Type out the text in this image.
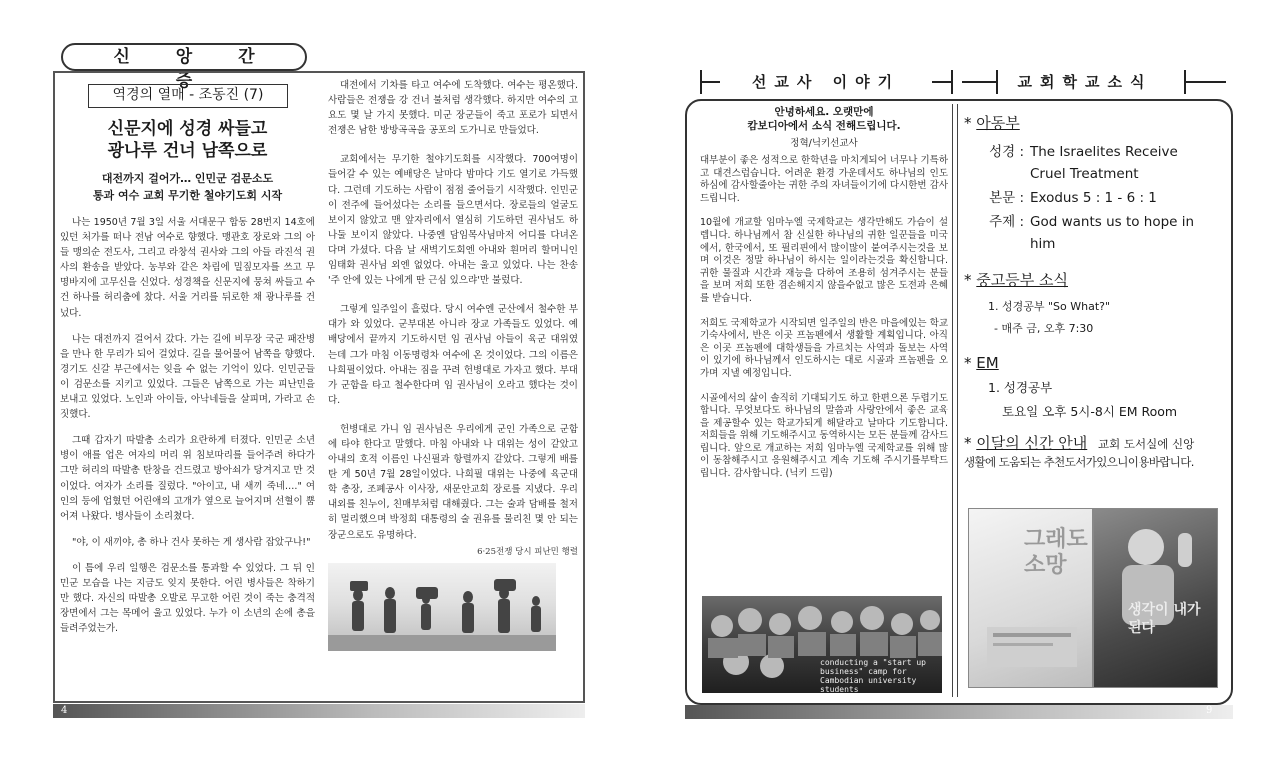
신 앙 간 증
역경의 열매 - 조동진 (7)
신문지에 성경 싸들고
광나루 건너 남쪽으로
대전까지 걸어가… 인민군 검문소도
통과 여수 교회 무기한 철야기도회 시작

나는 1950년 7월 3일 서울 서대문구 합동 28번지 14호에 있던 처가를 떠나 전남 여수로 향했다. 맹관호 장로와 그의 아들 맹의순 전도사, 그리고 라창석 권사와 그의 아들 라진석 권사의 환송을 받았다. 농부와 같은 차림에 밀짚모자를 쓰고 무명바지에 고무신을 신었다. 성경책을 신문지에 뭉쳐 싸들고 수건 하나를 허리춤에 찼다. 서울 거리를 뒤로한 채 광나루를 건넜다.

나는 대전까지 걸어서 갔다. 가는 길에 비무장 국군 패잔병을 만나 한 무리가 되어 걸었다. 길을 물어물어 남쪽을 향했다. 경기도 신갈 부근에서는 잊을 수 없는 기억이 있다. 인민군들이 검문소를 지키고 있었다. 그들은 남쪽으로 가는 피난민을 보내고 있었다. 노인과 아이들, 아낙네들을 살피며, 가라고 손짓했다.

그때 갑자기 따발총 소리가 요란하게 터졌다. 인민군 소년병이 애를 업은 여자의 머리 위 침보따리를 들어주려 하다가 그만 허리의 따발총 탄창을 건드렸고 방아쇠가 당겨지고 만 것이었다. 여자가 소리를 질렀다. "아이고, 내 새끼 죽네…." 여인의 등에 업혔던 어린애의 고개가 옆으로 늘어지며 선혈이 뿜어져 나왔다. 병사들이 소리쳤다.

"야, 이 새끼야, 총 하나 건사 못하는 게 생사람 잡았구나!"

이 틈에 우리 일행은 검문소를 통과할 수 있었다. 그 뒤 인민군 모습을 나는 지금도 잊지 못한다. 어린 병사들은 착하기만 했다. 자신의 따발총 오발로 무고한 어린 것이 죽는 충격적 장면에서 그는 목메어 울고 있었다. 누가 이 소년의 손에 총을 들려주었는가.

대전에서 기차를 타고 여수에 도착했다. 여수는 평온했다. 사람들은 전쟁을 강 건너 불처럼 생각했다. 하지만 여수의 고요도 몇 날 가지 못했다. 미군 장군들이 죽고 포로가 되면서 전쟁은 남한 방방곡곡을 공포의 도가니로 만들었다.

교회에서는 무기한 철야기도회를 시작했다. 700여명이 들어갈 수 있는 예배당은 날마다 밤마다 기도 열기로 가득했다. 그런데 기도하는 사람이 점점 줄어들기 시작했다. 인민군이 전주에 들어섰다는 소리를 들으면서다. 장로들의 얼굴도 보이지 않았고 맨 앞자리에서 열심히 기도하던 권사님도 하나둘 보이지 않았다. 나중엔 담임목사님마저 어디를 다녀온다며 가셨다. 다음 날 새벽기도회엔 아내와 흰머리 할머니인 임태화 권사님 외엔 없었다. 아내는 울고 있었다. 나는 찬송 '주 안에 있는 나에게 딴 근심 있으랴'만 불렀다.

그렇게 일주일이 흘렀다. 당시 여수엔 군산에서 철수한 부대가 와 있었다. 군부대본 아니라 장교 가족들도 있었다. 예배당에서 끝까지 기도하시던 임 권사님 아들이 육군 대위였는데 그가 마침 이동명령차 여수에 온 것이었다. 그의 이름은 나희필이었다. 아내는 짐을 꾸려 헌병대로 가자고 했다. 부대가 군함을 타고 철수한다며 임 권사님이 오라고 했다는 것이다.

헌병대로 가니 임 권사님은 우리에게 군인 가족으로 군함에 타야 한다고 말했다. 마침 아내와 나 대위는 성이 같았고 아내의 호적 이름인 나신필과 항렬까지 같았다. 그렇게 배를 탄 게 50년 7월 28일이었다. 나희필 대위는 나중에 육군대학 총장, 조폐공사 이사장, 새문안교회 장로를 지냈다. 우리 내외를 친누이, 친매부처럼 대해줬다. 그는 술과 담배를 철저히 멀리했으며 박정희 대통령의 술 권유를 물리친 몇 안 되는 장군으로도 유명하다.

6·25전쟁 당시 피난민 행렬
4
선교사 이야기	교회학교소식
안녕하세요. 오랫만에
캄보디아에서 소식 전해드립니다.
정혁/닉키선교사

대부분이 좋은 성적으로 한학년을 마치게되어 너무나 기특하고 대견스럽습니다. 어려운 환경 가운데서도 하나님의 인도하심에 감사할줄아는 귀한 주의 자녀들이기에 다시한번 감사드립니다.

10월에 개교할 임마누엘 국제학교는 생각만해도 가슴이 설렙니다. 하나님께서 참 신실한 하나님의 귀한 일꾼들을 미국에서, 한국에서, 또 필리핀에서 많이많이 붙여주시는것을 보며 이것은 정말 하나님이 하시는 일이라는것을 확신합니다. 귀한 물질과 시간과 재능을 다하여 조용히 섬겨주시는 분들을 보며 저희 또한 겸손해지지 않을수없고 많은 도전과 은혜를 받습니다.

저희도 국제학교가 시작되면 일주일의 반은 마을에있는 학교 기숙사에서, 반은 이곳 프놈펜에서 생활할 계획입니다. 아직은 이곳 프놈펜에 대학생들을 가르치는 사역과 돌보는 사역이 있기에 하나님께서 인도하시는 대로 시골과 프놈펜을 오가며 지낼 예정입니다.

시골에서의 삶이 솔직히 기대되기도 하고 한편으론 두렵기도합니다. 무엇보다도 하나님의 말씀과 사랑안에서 좋은 교육을 제공할수 있는 학교가되게 해달라고 날마다 기도합니다. 저희들을 위해 기도해주시고 동역하시는 모든 분들께 감사드립니다. 앞으로 개교하는 저희 임마누엘 국제학교를 위해 많이 동참해주시고 응원해주시고 계속 기도해 주시기를부탁드립니다. 감사합니다. (닉키 드림)

conducting a "start up business" camp for Cambodian university students
* 아동부
성경 : The Israelites Receive Cruel Treatment
본문 : Exodus 5 : 1 - 6 : 1
주제 : God wants us to hope in him
* 중고등부 소식
1. 성경공부 "So What?"
- 매주 금, 오후 7:30
* EM
1. 성경공부
토요일 오후 5시-8시 EM Room
* 이달의 신간 안내 교회 도서실에 신앙
생활에 도움되는 추천도서가있으니이용바랍니다.
그래도 소망
생각이 내가 된다
9
